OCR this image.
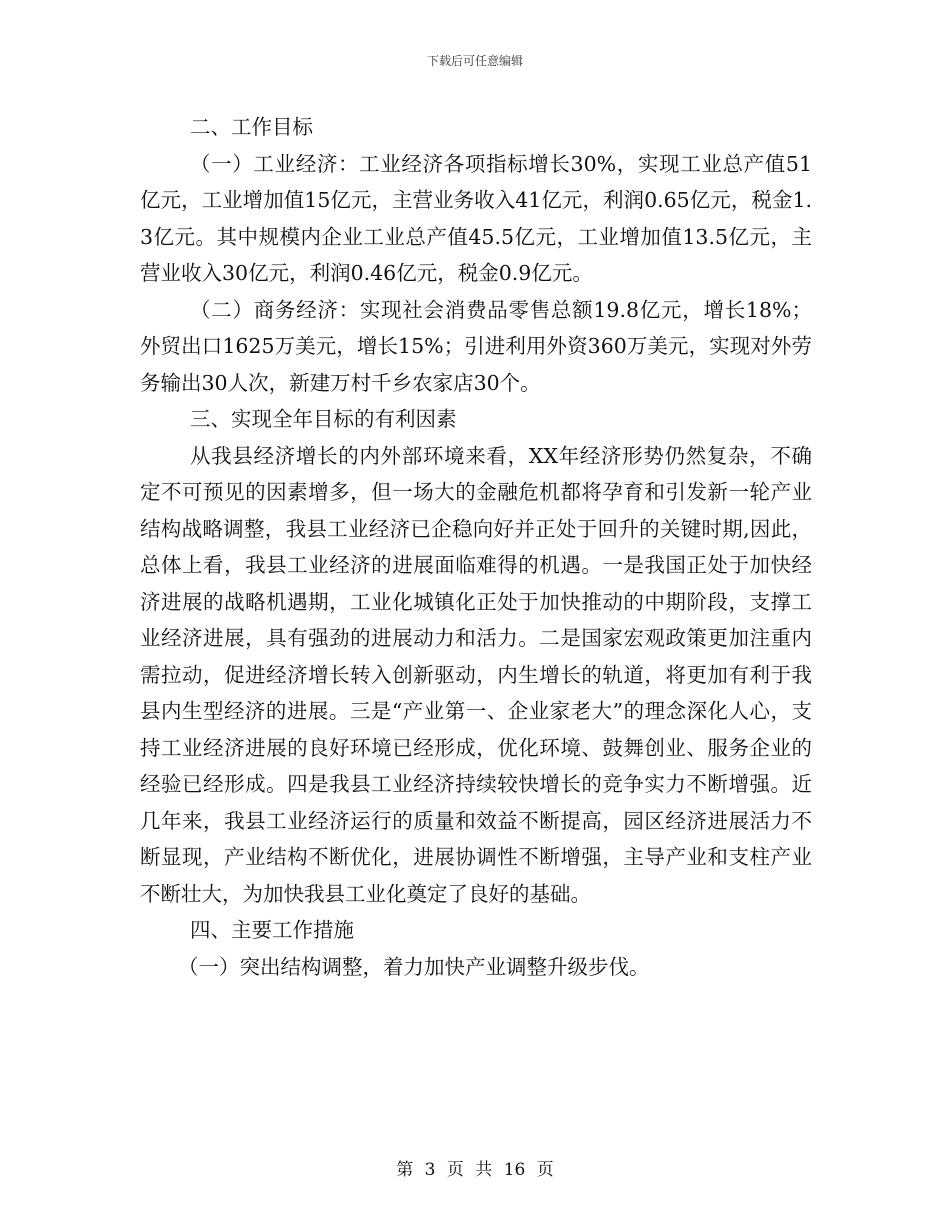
下载后可任意编辑

二、工作目标

（一）工业经济：工业经济各项指标增长30%，实现工业总产值51亿元，工业增加值15亿元，主营业务收入41亿元，利润0.65亿元，税金1.3亿元。其中规模内企业工业总产值45.5亿元，工业增加值13.5亿元，主营业收入30亿元，利润0.46亿元，税金0.9亿元。

（二）商务经济：实现社会消费品零售总额19.8亿元，增长18%；外贸出口1625万美元，增长15%；引进利用外资360万美元，实现对外劳务输出30人次，新建万村千乡农家店30个。

三、实现全年目标的有利因素

从我县经济增长的内外部环境来看，XX年经济形势仍然复杂，不确定不可预见的因素增多，但一场大的金融危机都将孕育和引发新一轮产业结构战略调整，我县工业经济已企稳向好并正处于回升的关键时期,因此，总体上看，我县工业经济的进展面临难得的机遇。一是我国正处于加快经济进展的战略机遇期，工业化城镇化正处于加快推动的中期阶段，支撑工业经济进展，具有强劲的进展动力和活力。二是国家宏观政策更加注重内需拉动，促进经济增长转入创新驱动，内生增长的轨道，将更加有利于我县内生型经济的进展。三是“产业第一、企业家老大”的理念深化人心，支持工业经济进展的良好环境已经形成，优化环境、鼓舞创业、服务企业的经验已经形成。四是我县工业经济持续较快增长的竞争实力不断增强。近几年来，我县工业经济运行的质量和效益不断提高，园区经济进展活力不断显现，产业结构不断优化，进展协调性不断增强，主导产业和支柱产业不断壮大，为加快我县工业化奠定了良好的基础。

四、主要工作措施

（一）突出结构调整，着力加快产业调整升级步伐。

第 3 页 共 16 页
